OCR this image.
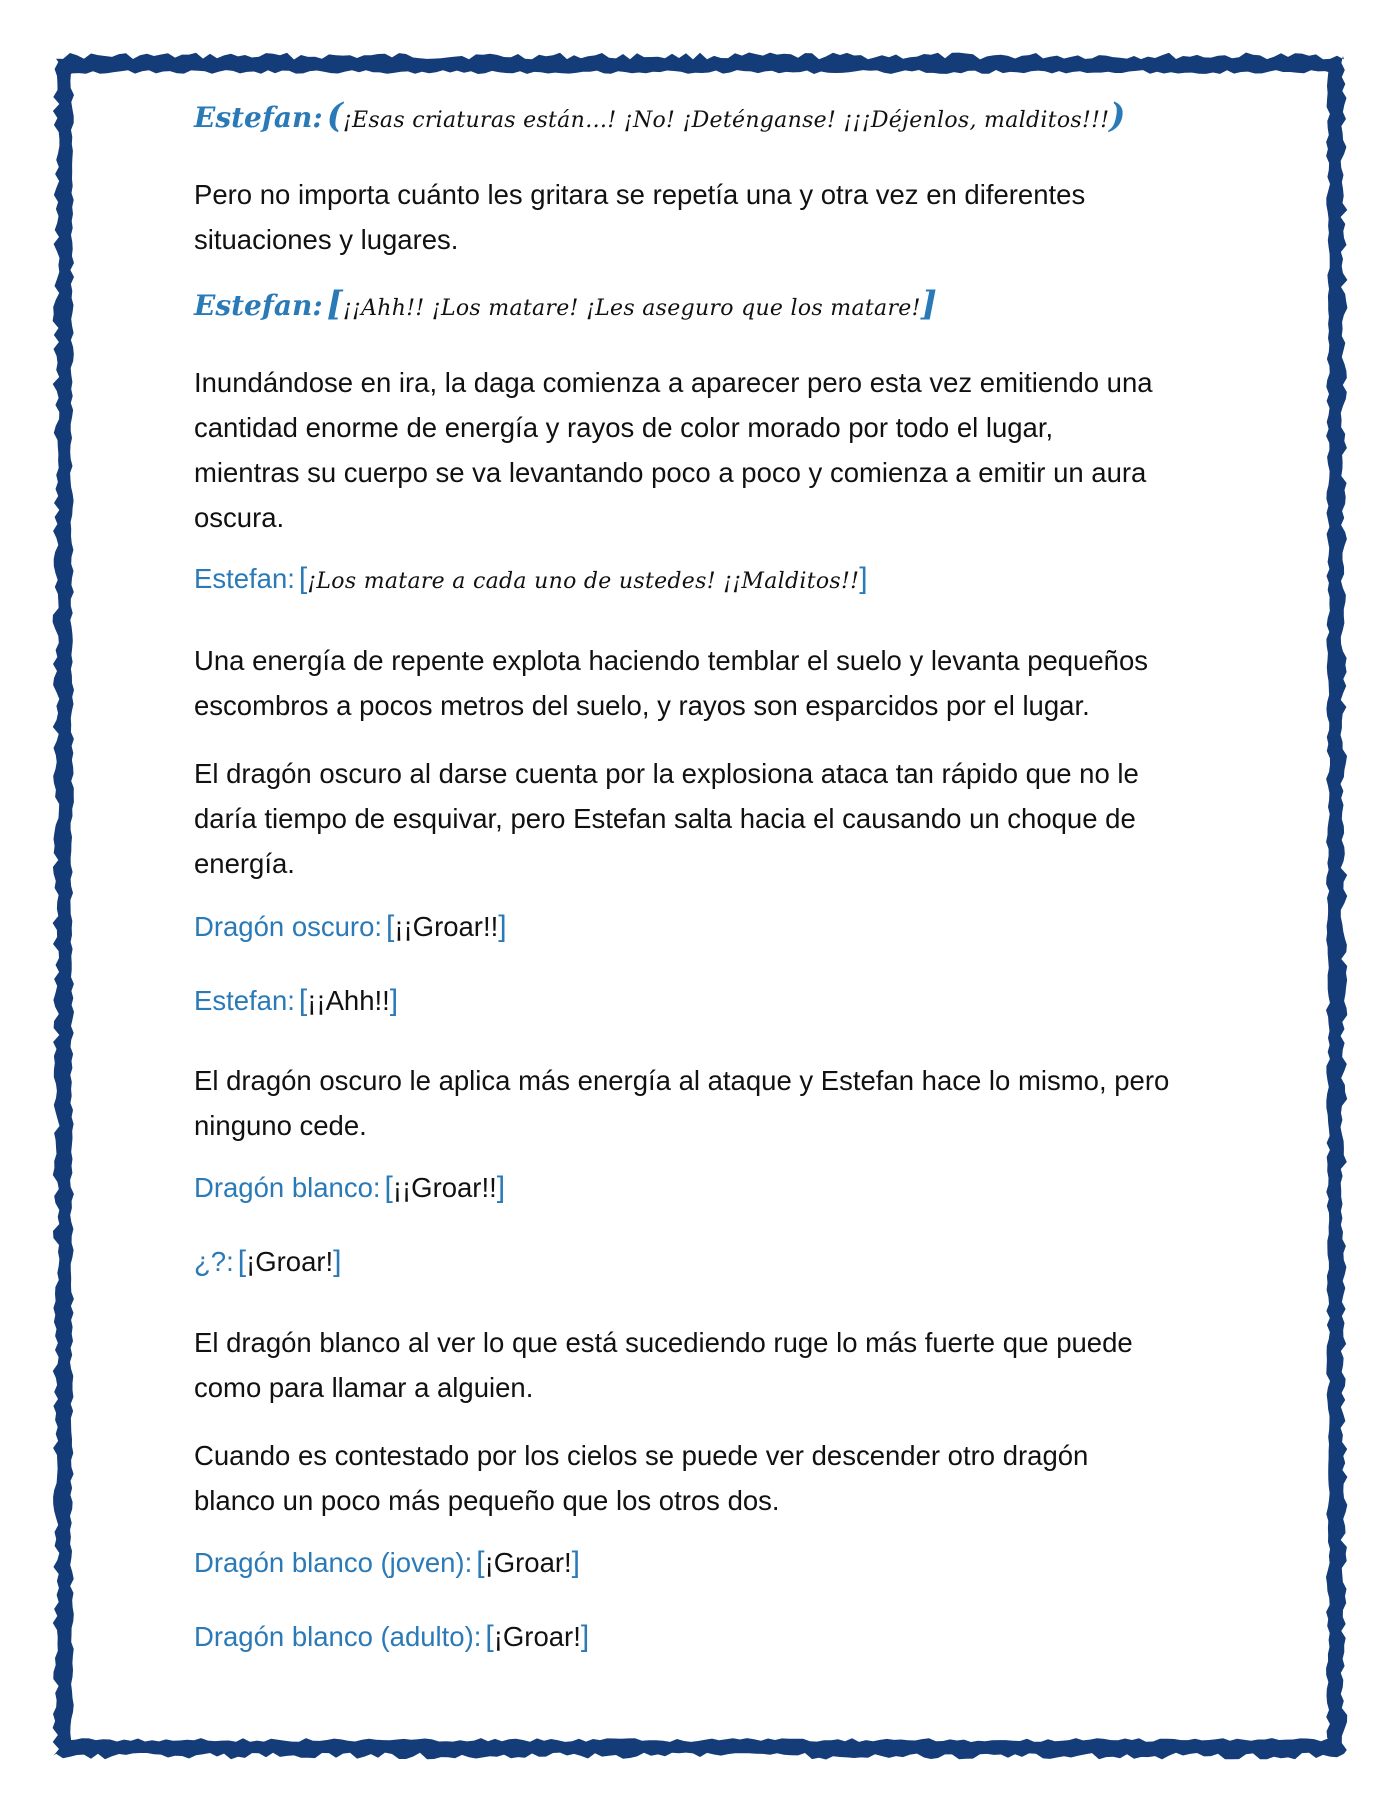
Estefan: (¡Esas criaturas están…! ¡No! ¡Deténganse! ¡¡¡Déjenlos, malditos!!!)
Pero no importa cuánto les gritara se repetía una y otra vez en diferentes
situaciones y lugares.
Estefan: [¡¡Ahh!! ¡Los matare! ¡Les aseguro que los matare!]
Inundándose en ira, la daga comienza a aparecer pero esta vez emitiendo una
cantidad enorme de energía y rayos de color morado por todo el lugar,
mientras su cuerpo se va levantando poco a poco y comienza a emitir un aura
oscura.
Estefan: [¡Los matare a cada uno de ustedes! ¡¡Malditos!!]
Una energía de repente explota haciendo temblar el suelo y levanta pequeños
escombros a pocos metros del suelo, y rayos son esparcidos por el lugar.
El dragón oscuro al darse cuenta por la explosiona ataca tan rápido que no le
daría tiempo de esquivar, pero Estefan salta hacia el causando un choque de
energía.
Dragón oscuro: [¡¡Groar!!]
Estefan: [¡¡Ahh!!]
El dragón oscuro le aplica más energía al ataque y Estefan hace lo mismo, pero
ninguno cede.
Dragón blanco: [¡¡Groar!!]
¿?: [¡Groar!]
El dragón blanco al ver lo que está sucediendo ruge lo más fuerte que puede
como para llamar a alguien.
Cuando es contestado por los cielos se puede ver descender otro dragón
blanco un poco más pequeño que los otros dos.
Dragón blanco (joven): [¡Groar!]
Dragón blanco (adulto): [¡Groar!]
